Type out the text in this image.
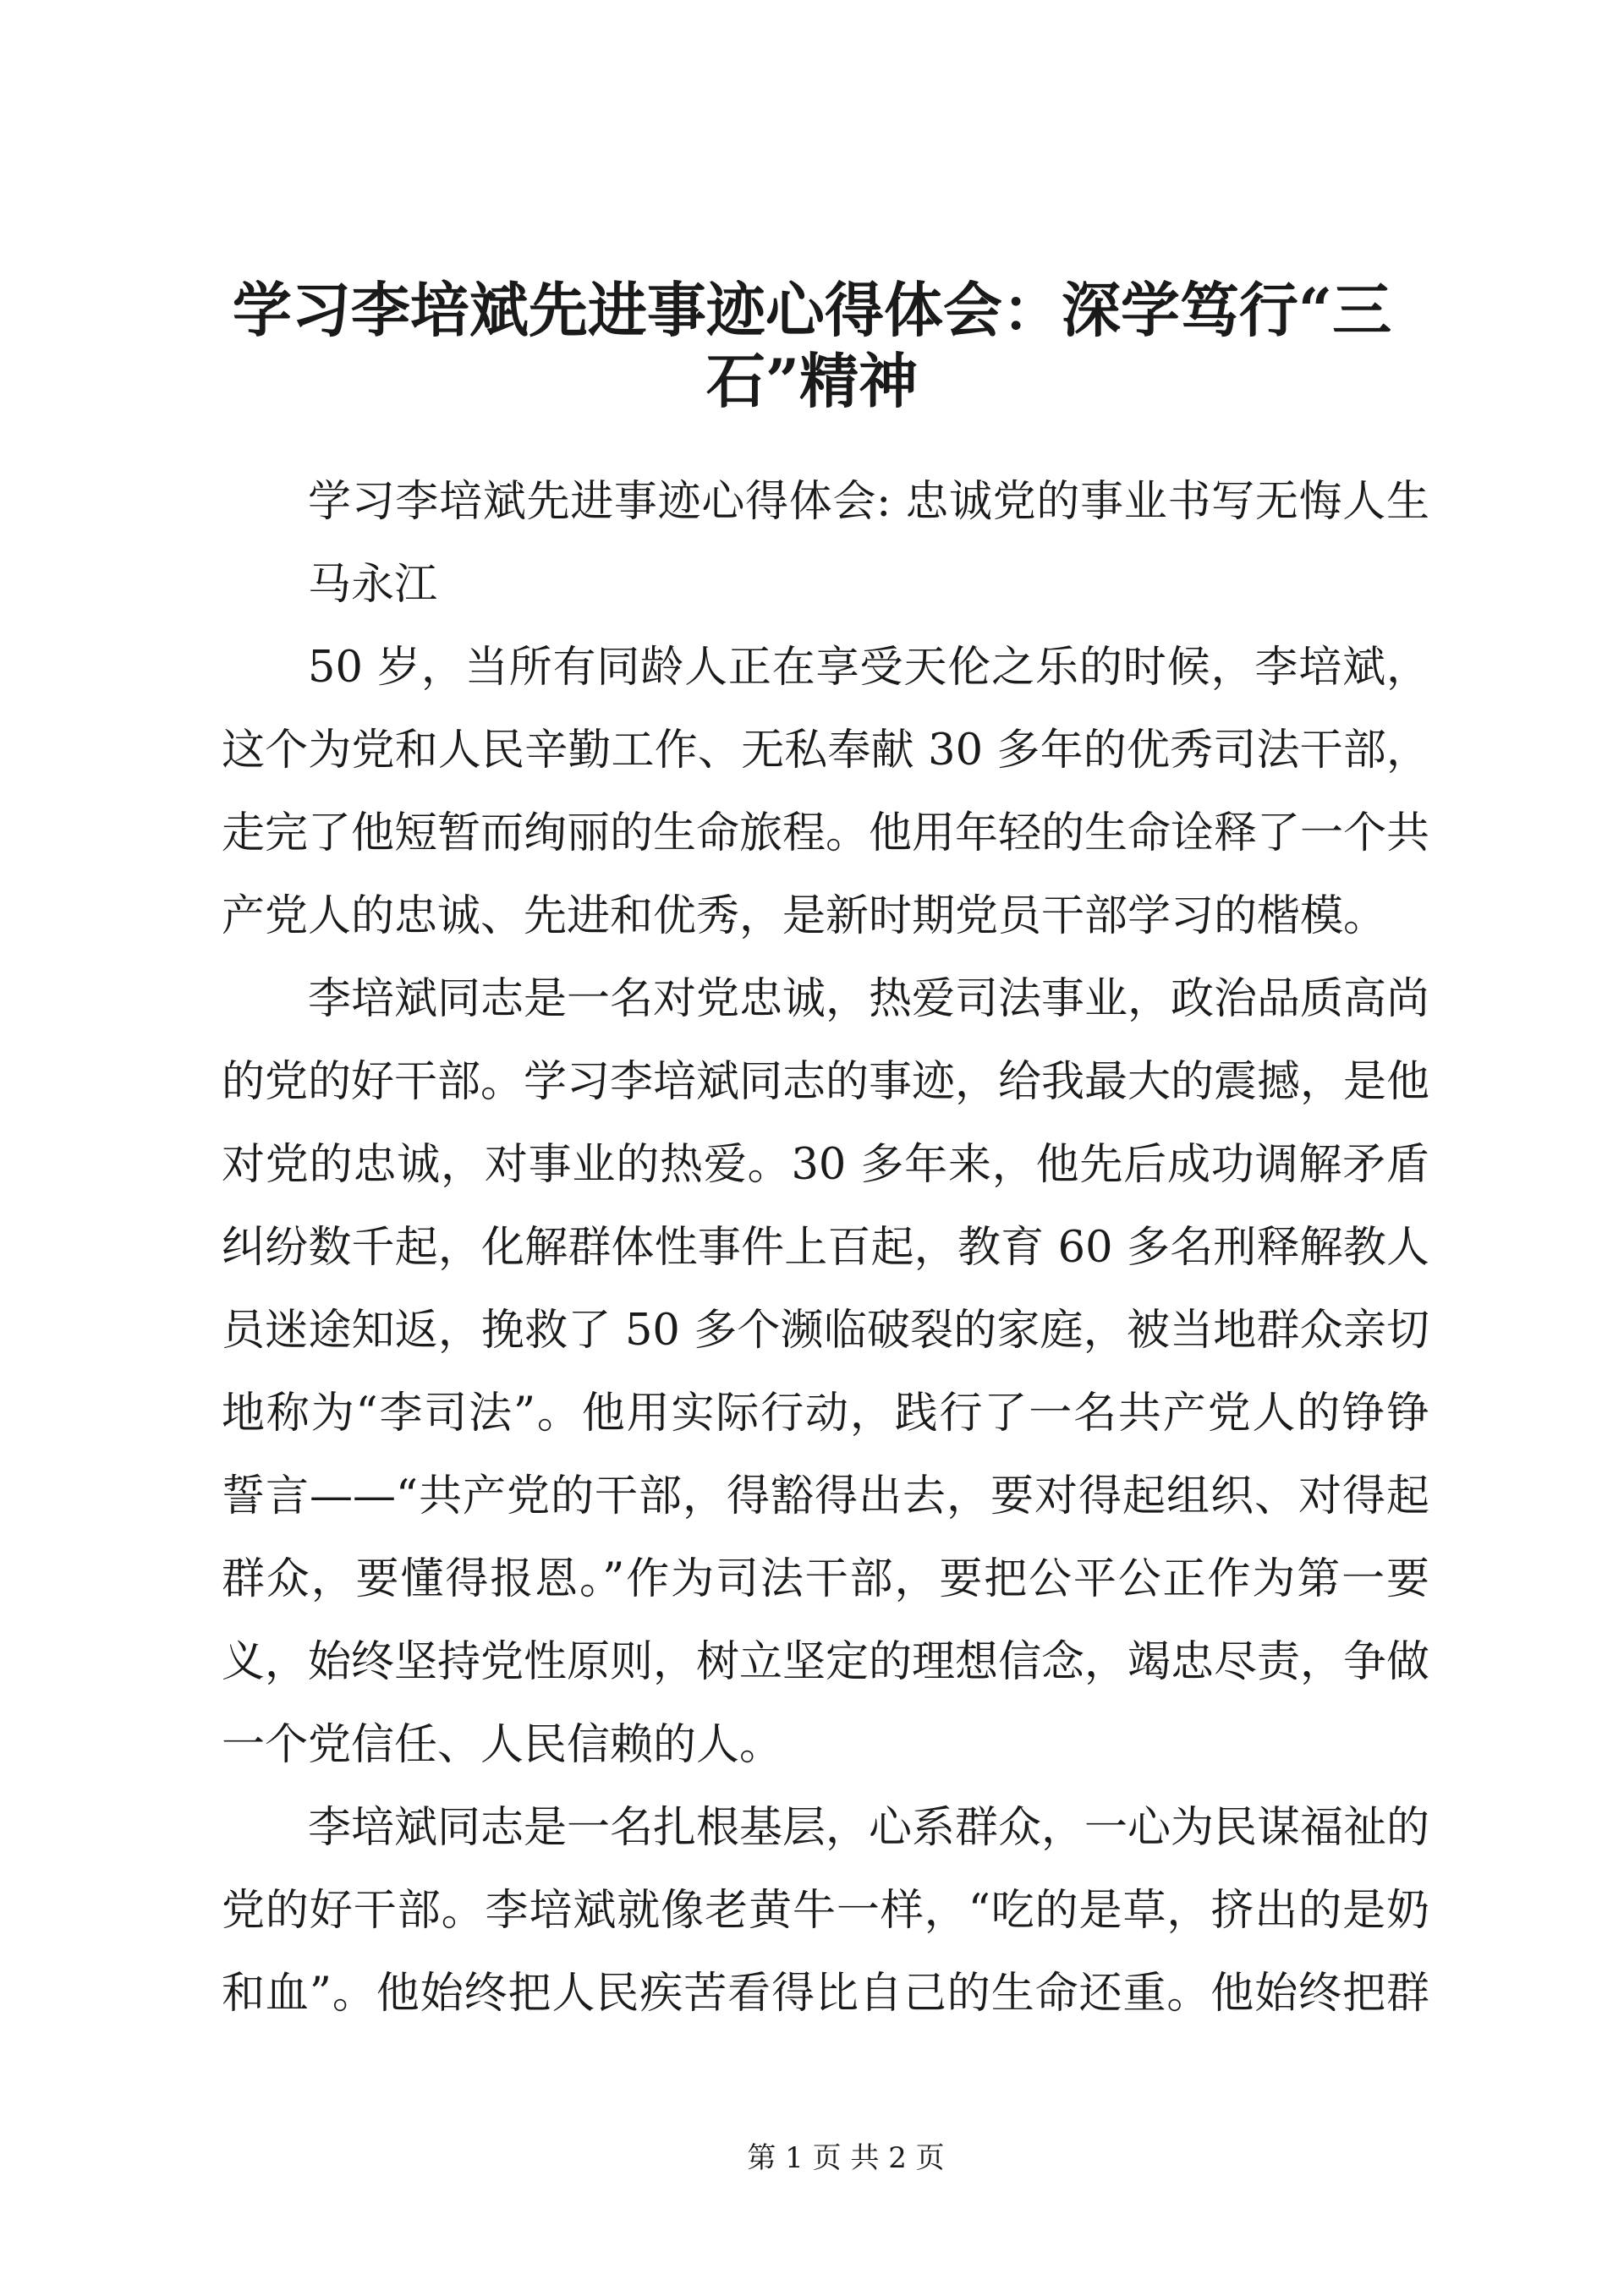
学习李培斌先进事迹心得体会：深学笃行“三
石”精神
学习李培斌先进事迹心得体会: 忠诚党的事业书写无悔人生
马永江
50 岁，当所有同龄人正在享受天伦之乐的时候，李培斌，
这个为党和人民辛勤工作、无私奉献 30 多年的优秀司法干部，
走完了他短暂而绚丽的生命旅程。他用年轻的生命诠释了一个共
产党人的忠诚、先进和优秀，是新时期党员干部学习的楷模。
李培斌同志是一名对党忠诚，热爱司法事业，政治品质高尚
的党的好干部。学习李培斌同志的事迹，给我最大的震撼，是他
对党的忠诚，对事业的热爱。30 多年来，他先后成功调解矛盾
纠纷数千起，化解群体性事件上百起，教育 60 多名刑释解教人
员迷途知返，挽救了 50 多个濒临破裂的家庭，被当地群众亲切
地称为“李司法”。他用实际行动，践行了一名共产党人的铮铮
誓言——“共产党的干部，得豁得出去，要对得起组织、对得起
群众，要懂得报恩。”作为司法干部，要把公平公正作为第一要
义，始终坚持党性原则，树立坚定的理想信念，竭忠尽责，争做
一个党信任、人民信赖的人。
李培斌同志是一名扎根基层，心系群众，一心为民谋福祉的
党的好干部。李培斌就像老黄牛一样，“吃的是草，挤出的是奶
和血”。他始终把人民疾苦看得比自己的生命还重。他始终把群
第 1 页 共 2 页
